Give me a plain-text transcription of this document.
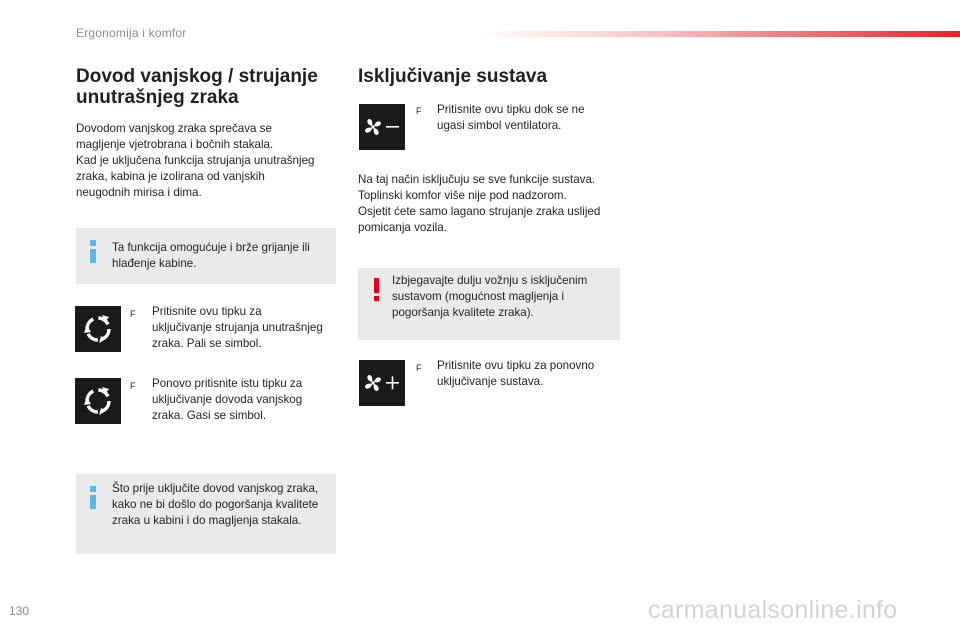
Ergonomija i komfor
Dovod vanjskog / strujanje
unutrašnjeg zraka
Dovodom vanjskog zraka sprečava se
magljenje vjetrobrana i bočnih stakala.
Kad je uključena funkcija strujanja unutrašnjeg
zraka, kabina je izolirana od vanjskih
neugodnih mirisa i dima.
Ta funkcija omogućuje i brže grijanje ili
hlađenje kabine.
F Pritisnite ovu tipku za
uključivanje strujanja unutrašnjeg
zraka. Pali se simbol.
F Ponovo pritisnite istu tipku za
uključivanje dovoda vanjskog
zraka. Gasi se simbol.
Što prije uključite dovod vanjskog zraka,
kako ne bi došlo do pogoršanja kvalitete
zraka u kabini i do magljenja stakala.
Isključivanje sustava
F Pritisnite ovu tipku dok se ne
ugasi simbol ventilatora.
Na taj način isključuju se sve funkcije sustava.
Toplinski komfor više nije pod nadzorom.
Osjetit ćete samo lagano strujanje zraka uslijed
pomicanja vozila.
Izbjegavajte dulju vožnju s isključenim
sustavom (mogućnost magljenja i
pogoršanja kvalitete zraka).
F Pritisnite ovu tipku za ponovno
uključivanje sustava.
130	carmanualsonline.info
